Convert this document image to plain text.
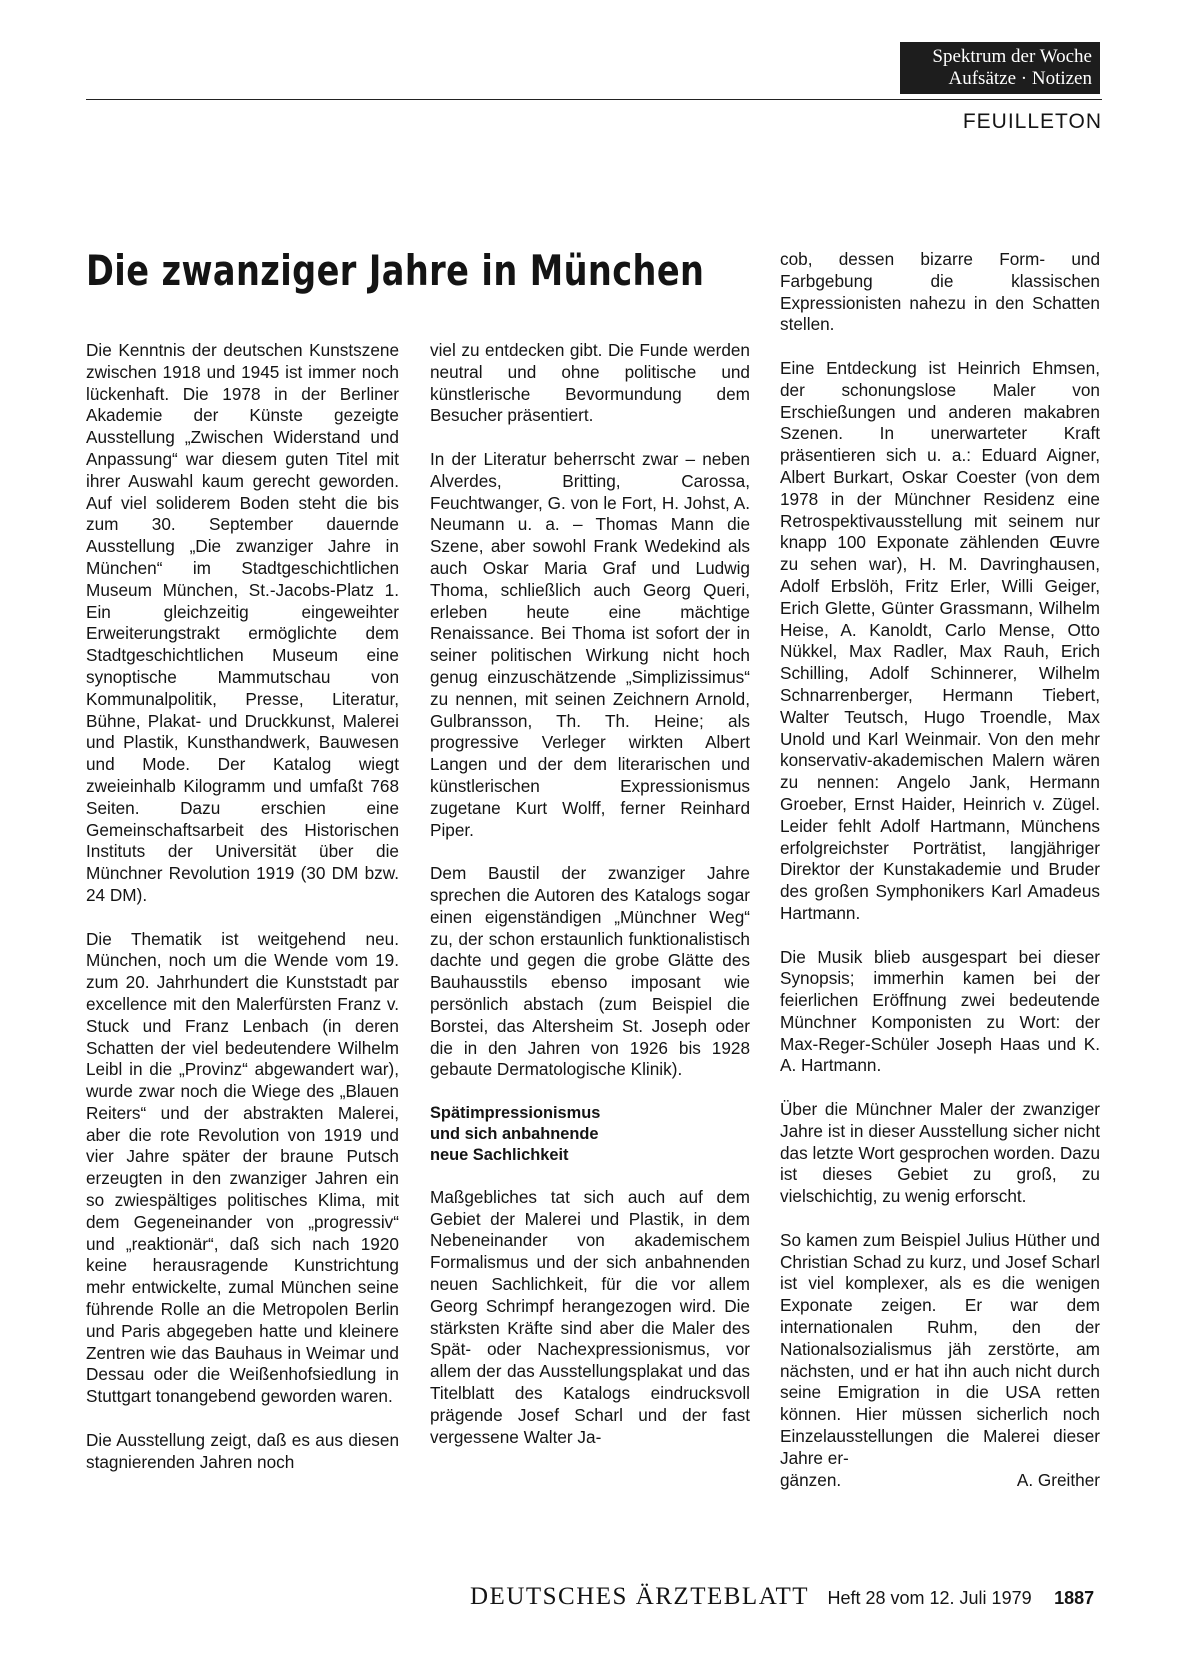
Spektrum der Woche
Aufsätze · Notizen
FEUILLETON
Die zwanziger Jahre in München

Die Kenntnis der deutschen Kunstszene zwischen 1918 und 1945 ist immer noch lückenhaft. Die 1978 in der Berliner Akademie der Künste gezeigte Ausstellung „Zwischen Widerstand und Anpassung“ war diesem guten Titel mit ihrer Auswahl kaum gerecht geworden. Auf viel soliderem Boden steht die bis zum 30. September dauernde Ausstellung „Die zwanziger Jahre in München“ im Stadtgeschichtlichen Museum München, St.-Jacobs-Platz 1. Ein gleichzeitig eingeweihter Erweiterungstrakt ermöglichte dem Stadtgeschichtlichen Museum eine synoptische Mammutschau von Kommunalpolitik, Presse, Literatur, Bühne, Plakat- und Druckkunst, Malerei und Plastik, Kunsthandwerk, Bauwesen und Mode. Der Katalog wiegt zweieinhalb Kilogramm und umfaßt 768 Seiten. Dazu erschien eine Gemeinschaftsarbeit des Historischen Instituts der Universität über die Münchner Revolution 1919 (30 DM bzw. 24 DM).

Die Thematik ist weitgehend neu. München, noch um die Wende vom 19. zum 20. Jahrhundert die Kunststadt par excellence mit den Malerfürsten Franz v. Stuck und Franz Lenbach (in deren Schatten der viel bedeutendere Wilhelm Leibl in die „Provinz“ abgewandert war), wurde zwar noch die Wiege des „Blauen Reiters“ und der abstrakten Malerei, aber die rote Revolution von 1919 und vier Jahre später der braune Putsch erzeugten in den zwanziger Jahren ein so zwiespältiges politisches Klima, mit dem Gegeneinander von „progressiv“ und „reaktionär“, daß sich nach 1920 keine herausragende Kunstrichtung mehr entwickelte, zumal München seine führende Rolle an die Metropolen Berlin und Paris abgegeben hatte und kleinere Zentren wie das Bauhaus in Weimar und Dessau oder die Weißenhofsiedlung in Stuttgart tonangebend geworden waren.

Die Ausstellung zeigt, daß es aus diesen stagnierenden Jahren noch

viel zu entdecken gibt. Die Funde werden neutral und ohne politische und künstlerische Bevormundung dem Besucher präsentiert.

In der Literatur beherrscht zwar – neben Alverdes, Britting, Carossa, Feuchtwanger, G. von le Fort, H. Johst, A. Neumann u. a. – Thomas Mann die Szene, aber sowohl Frank Wedekind als auch Oskar Maria Graf und Ludwig Thoma, schließlich auch Georg Queri, erleben heute eine mächtige Renaissance. Bei Thoma ist sofort der in seiner politischen Wirkung nicht hoch genug einzuschätzende „Simplizissimus“ zu nennen, mit seinen Zeichnern Arnold, Gulbransson, Th. Th. Heine; als progressive Verleger wirkten Albert Langen und der dem literarischen und künstlerischen Expressionismus zugetane Kurt Wolff, ferner Reinhard Piper.

Dem Baustil der zwanziger Jahre sprechen die Autoren des Katalogs sogar einen eigenständigen „Münchner Weg“ zu, der schon erstaunlich funktionalistisch dachte und gegen die grobe Glätte des Bauhausstils ebenso imposant wie persönlich abstach (zum Beispiel die Borstei, das Altersheim St. Joseph oder die in den Jahren von 1926 bis 1928 gebaute Dermatologische Klinik).

Spätimpressionismus
und sich anbahnende
neue Sachlichkeit

Maßgebliches tat sich auch auf dem Gebiet der Malerei und Plastik, in dem Nebeneinander von akademischem Formalismus und der sich anbahnenden neuen Sachlichkeit, für die vor allem Georg Schrimpf herangezogen wird. Die stärksten Kräfte sind aber die Maler des Spät- oder Nachexpressionismus, vor allem der das Ausstellungsplakat und das Titelblatt des Katalogs eindrucksvoll prägende Josef Scharl und der fast vergessene Walter Ja-

cob, dessen bizarre Form- und Farbgebung die klassischen Expressionisten nahezu in den Schatten stellen.

Eine Entdeckung ist Heinrich Ehmsen, der schonungslose Maler von Erschießungen und anderen makabren Szenen. In unerwarteter Kraft präsentieren sich u. a.: Eduard Aigner, Albert Burkart, Oskar Coester (von dem 1978 in der Münchner Residenz eine Retrospektivausstellung mit seinem nur knapp 100 Exponate zählenden Œuvre zu sehen war), H. M. Davringhausen, Adolf Erbslöh, Fritz Erler, Willi Geiger, Erich Glette, Günter Grassmann, Wilhelm Heise, A. Kanoldt, Carlo Mense, Otto Nükkel, Max Radler, Max Rauh, Erich Schilling, Adolf Schinnerer, Wilhelm Schnarrenberger, Hermann Tiebert, Walter Teutsch, Hugo Troendle, Max Unold und Karl Weinmair. Von den mehr konservativ-akademischen Malern wären zu nennen: Angelo Jank, Hermann Groeber, Ernst Haider, Heinrich v. Zügel. Leider fehlt Adolf Hartmann, Münchens erfolgreichster Porträtist, langjähriger Direktor der Kunstakademie und Bruder des großen Symphonikers Karl Amadeus Hartmann.

Die Musik blieb ausgespart bei dieser Synopsis; immerhin kamen bei der feierlichen Eröffnung zwei bedeutende Münchner Komponisten zu Wort: der Max-Reger-Schüler Joseph Haas und K. A. Hartmann.

Über die Münchner Maler der zwanziger Jahre ist in dieser Ausstellung sicher nicht das letzte Wort gesprochen worden. Dazu ist dieses Gebiet zu groß, zu vielschichtig, zu wenig erforscht.

So kamen zum Beispiel Julius Hüther und Christian Schad zu kurz, und Josef Scharl ist viel komplexer, als es die wenigen Exponate zeigen. Er war dem internationalen Ruhm, den der Nationalsozialismus jäh zerstörte, am nächsten, und er hat ihn auch nicht durch seine Emigration in die USA retten können. Hier müssen sicherlich noch Einzelausstellungen die Malerei dieser Jahre er-

gänzen.	A. Greither
DEUTSCHES ÄRZTEBLATT Heft 28 vom 12. Juli 1979 1887
